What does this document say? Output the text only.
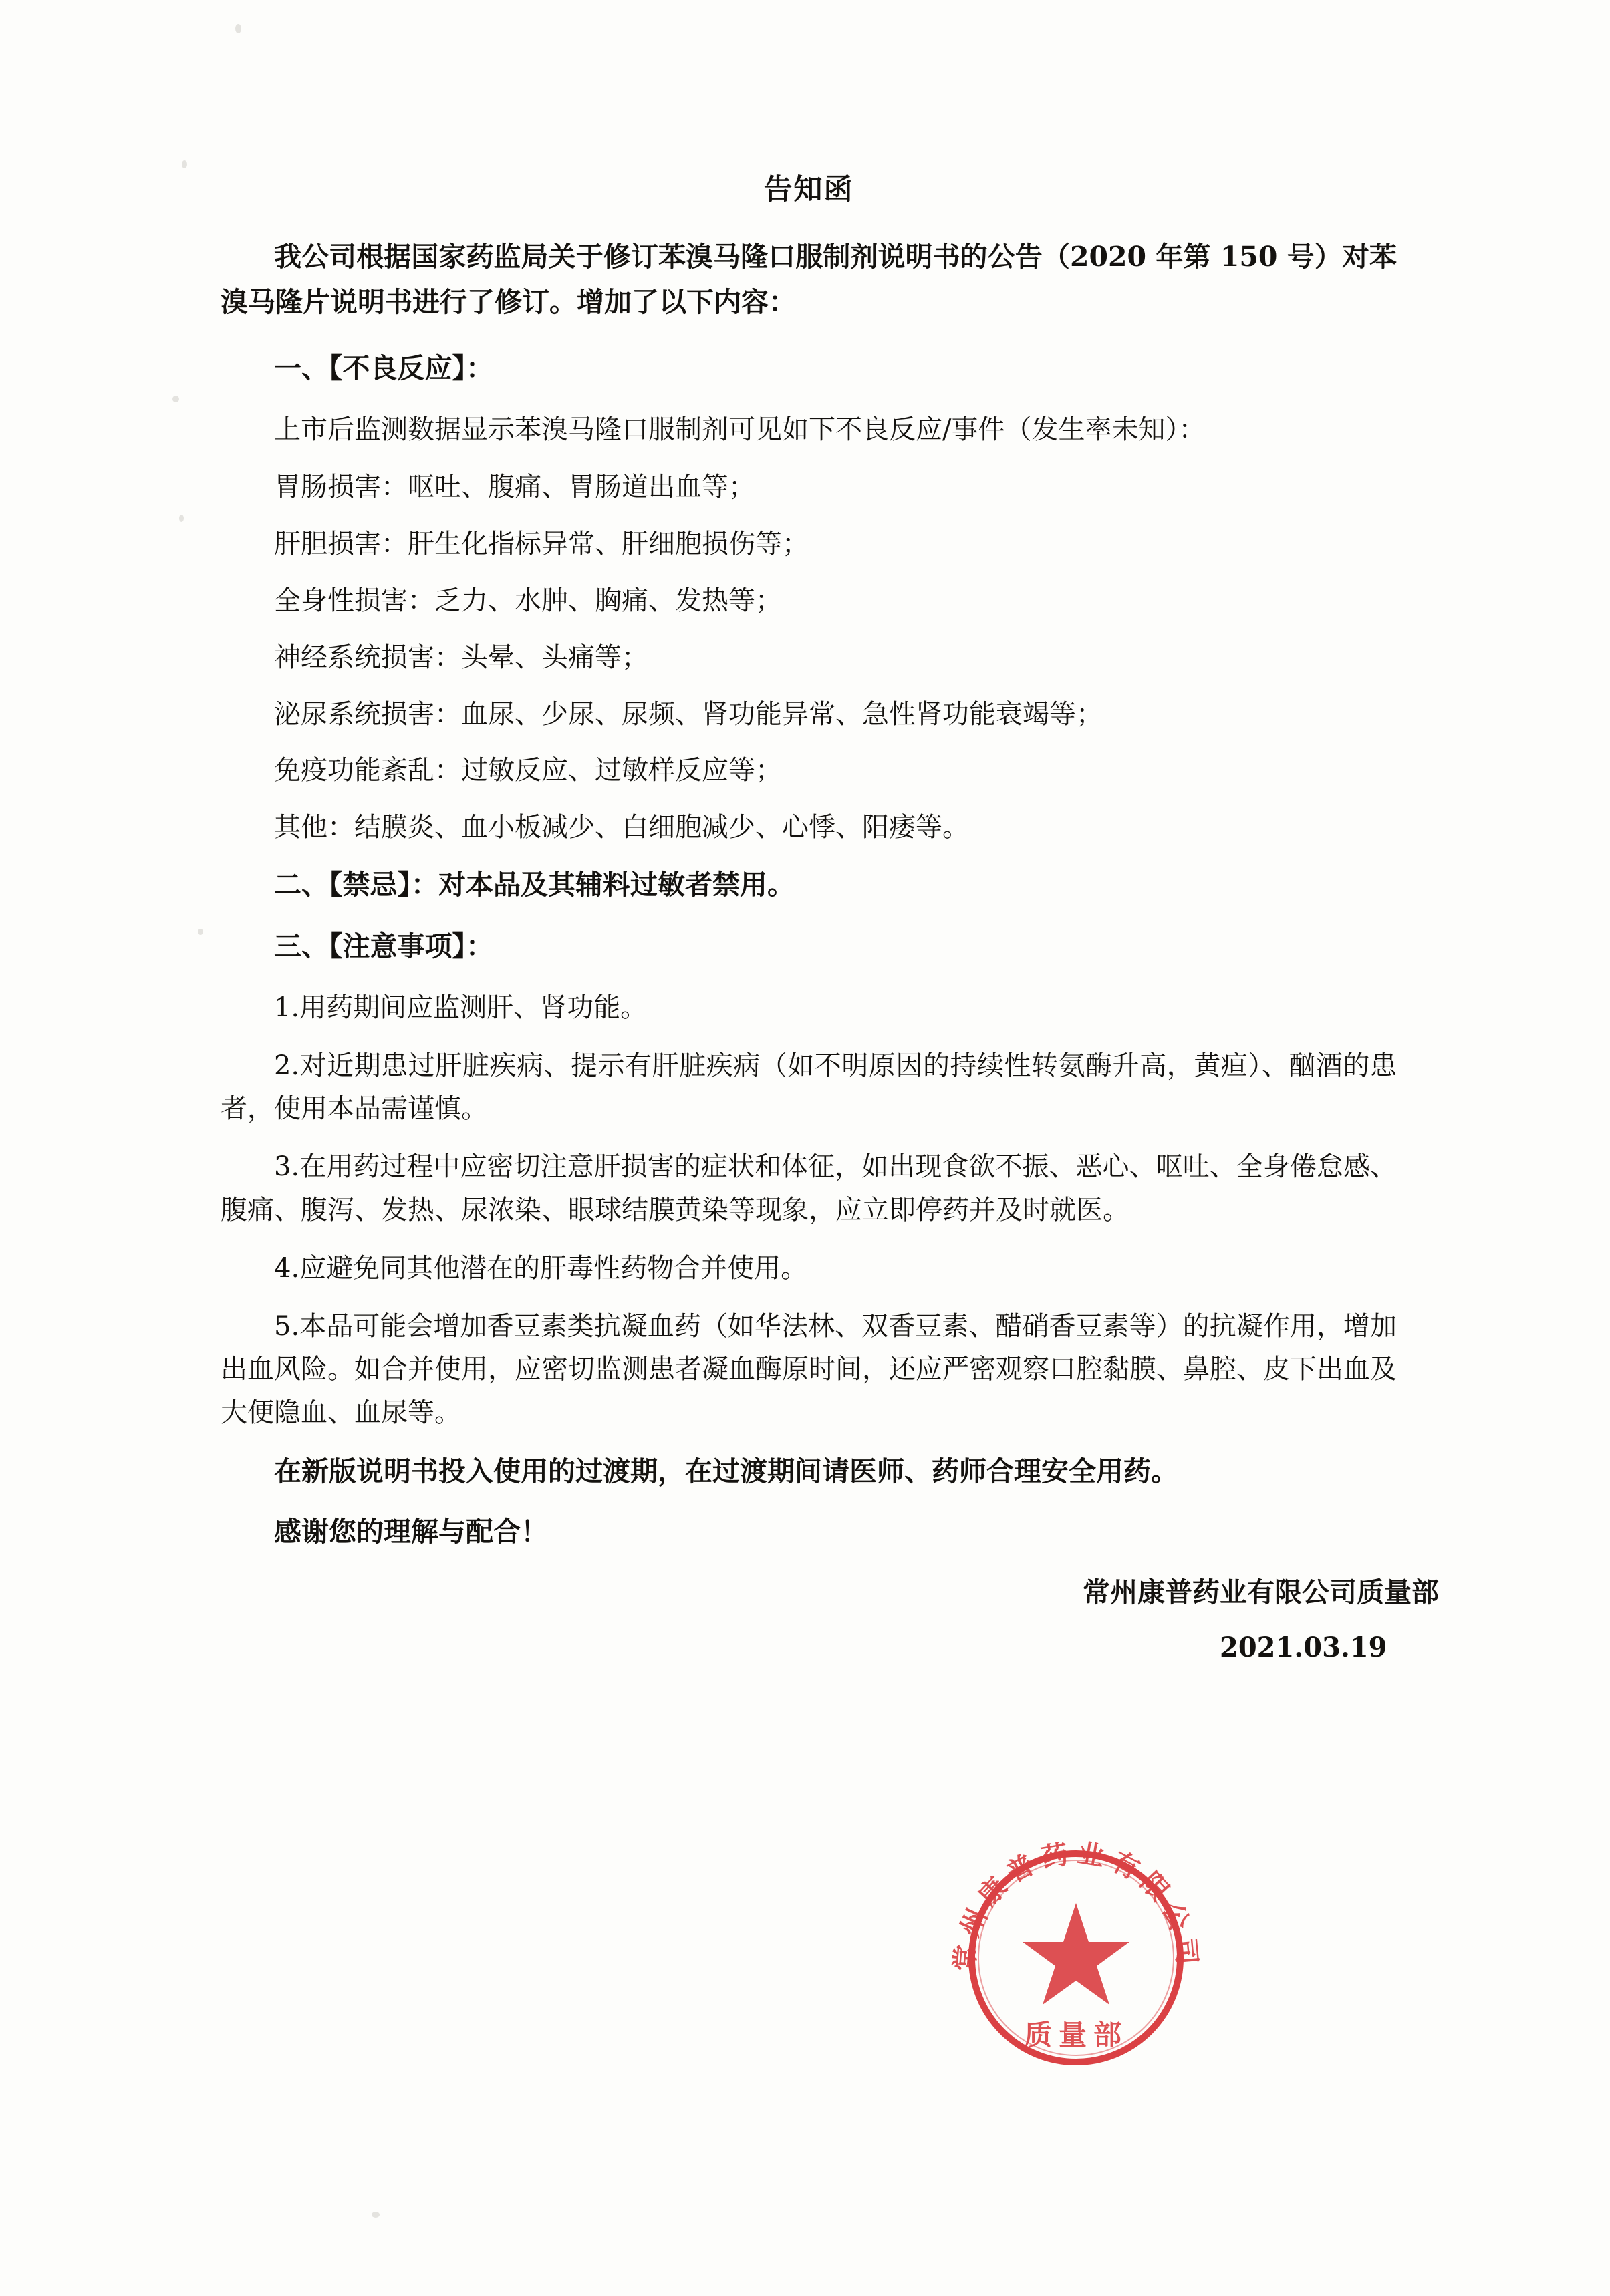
告知函

我公司根据国家药监局关于修订苯溴马隆口服制剂说明书的公告（2020 年第 150 号）对苯溴马隆片说明书进行了修订。增加了以下内容：

一、【不良反应】：

上市后监测数据显示苯溴马隆口服制剂可见如下不良反应/事件（发生率未知）：

胃肠损害：呕吐、腹痛、胃肠道出血等；

肝胆损害：肝生化指标异常、肝细胞损伤等；

全身性损害：乏力、水肿、胸痛、发热等；

神经系统损害：头晕、头痛等；

泌尿系统损害：血尿、少尿、尿频、肾功能异常、急性肾功能衰竭等；

免疫功能紊乱：过敏反应、过敏样反应等；

其他：结膜炎、血小板减少、白细胞减少、心悸、阳痿等。

二、【禁忌】：对本品及其辅料过敏者禁用。

三、【注意事项】：

1.用药期间应监测肝、肾功能。

2.对近期患过肝脏疾病、提示有肝脏疾病（如不明原因的持续性转氨酶升高，黄疸）、酗酒的患者，使用本品需谨慎。

3.在用药过程中应密切注意肝损害的症状和体征，如出现食欲不振、恶心、呕吐、全身倦怠感、腹痛、腹泻、发热、尿浓染、眼球结膜黄染等现象，应立即停药并及时就医。

4.应避免同其他潜在的肝毒性药物合并使用。

5.本品可能会增加香豆素类抗凝血药（如华法林、双香豆素、醋硝香豆素等）的抗凝作用，增加出血风险。如合并使用，应密切监测患者凝血酶原时间，还应严密观察口腔黏膜、鼻腔、皮下出血及大便隐血、血尿等。

在新版说明书投入使用的过渡期，在过渡期间请医师、药师合理安全用药。

感谢您的理解与配合！

常州康普药业有限公司质量部

2021.03.19

常州康普药业有限公司
质量部
